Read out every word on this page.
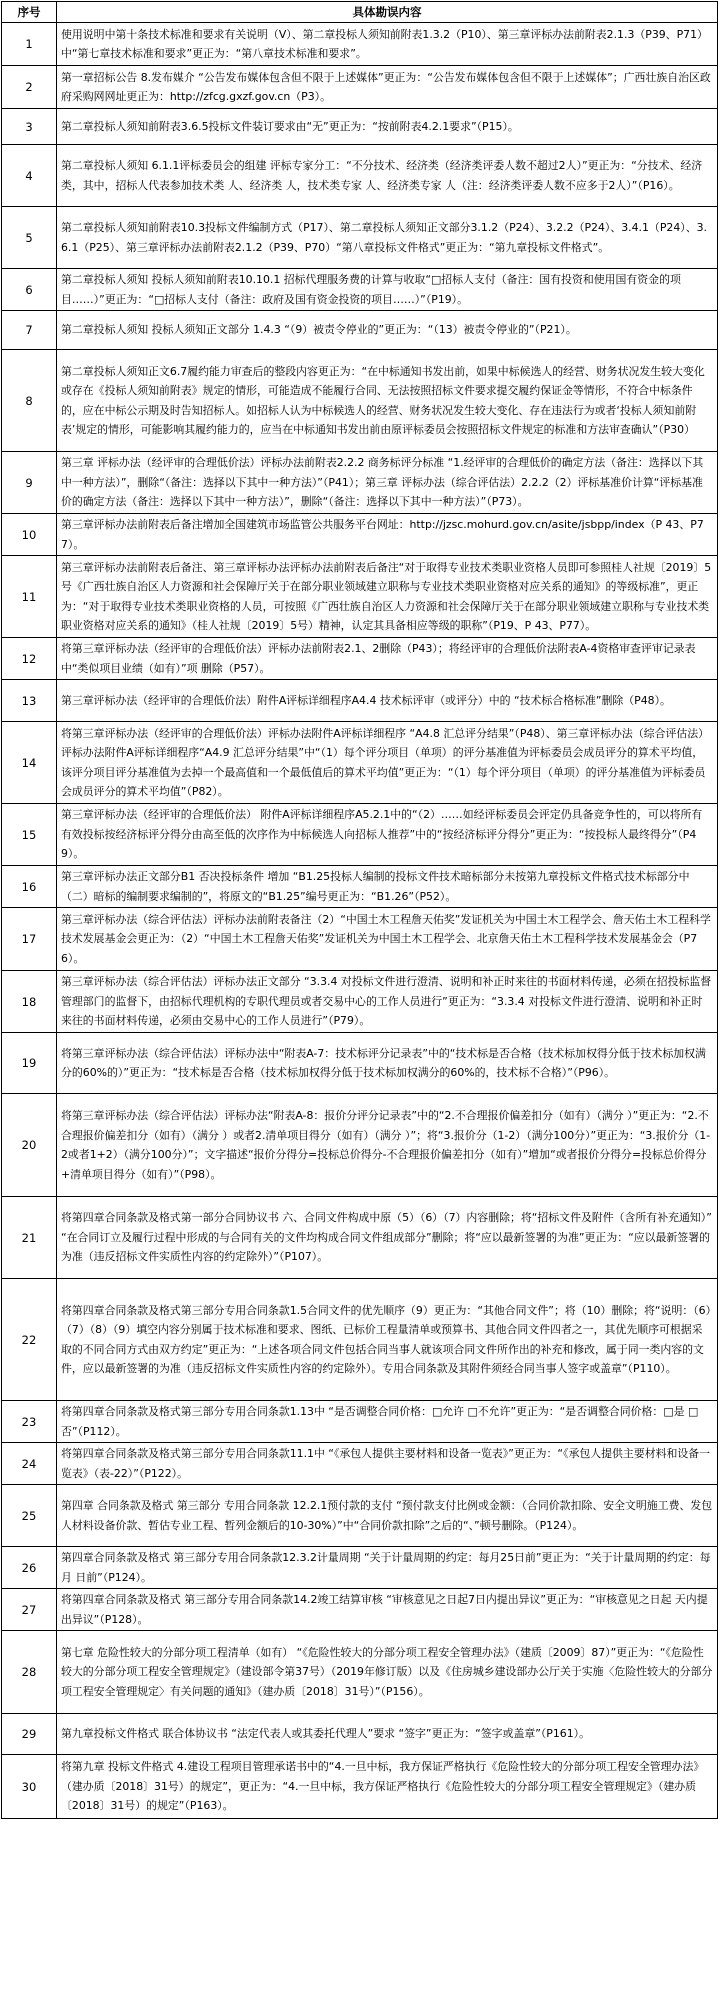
序号	具体勘误内容
1	使用说明中第十条技术标准和要求有关说明（Ⅴ）、第二章投标人须知前附表1.3.2（P10）、第三章评标办法前附表2.1.3（P39、P71）中“第七章技术标准和要求”更正为：“第八章技术标准和要求”。
2	第一章招标公告 8.发布媒介 “公告发布媒体包含但不限于上述媒体”更正为：“公告发布媒体包含但不限于上述媒体”；广西壮族自治区政府采购网网址更正为：http://zfcg.gxzf.gov.cn（P3）。
3	第二章投标人须知前附表3.6.5投标文件装订要求由“无”更正为：“按前附表4.2.1要求”（P15）。
4	第二章投标人须知 6.1.1评标委员会的组建 评标专家分工：“不分技术、经济类（经济类评委人数不超过2人）”更正为：“分技术、经济类，其中，招标人代表参加技术类 人、经济类 人，技术类专家 人、经济类专家 人（注：经济类评委人数不应多于2人）”（P16）。
5	第二章投标人须知前附表10.3投标文件编制方式（P17）、第二章投标人须知正文部分3.1.2（P24）、3.2.2（P24）、3.4.1（P24）、3.6.1（P25）、第三章评标办法前附表2.1.2（P39、P70）“第八章投标文件格式”更正为：“第九章投标文件格式”。
6	第二章投标人须知 投标人须知前附表10.10.1 招标代理服务费的计算与收取“□招标人支付（备注：国有投资和使用国有资金的项目……）”更正为：“□招标人支付（备注：政府及国有资金投资的项目……）”（P19）。
7	第二章投标人须知 投标人须知正文部分 1.4.3 “（9）被责令停业的”更正为：“（13）被责令停业的”（P21）。
8	第二章投标人须知正文6.7履约能力审查后的整段内容更正为：“在中标通知书发出前，如果中标候选人的经营、财务状况发生较大变化或存在《投标人须知前附表》规定的情形，可能造成不能履行合同、无法按照招标文件要求提交履约保证金等情形，不符合中标条件的，应在中标公示期及时告知招标人。如招标人认为中标候选人的经营、财务状况发生较大变化、存在违法行为或者‘投标人须知前附表’规定的情形，可能影响其履约能力的，应当在中标通知书发出前由原评标委员会按照招标文件规定的标准和方法审查确认”（P30）
9	第三章 评标办法（经评审的合理低价法）评标办法前附表2.2.2 商务标评分标准 “1.经评审的合理低价的确定方法（备注：选择以下其中一种方法）”，删除“（备注：选择以下其中一种方法）”（P41）；第三章 评标办法（综合评估法）2.2.2（2）评标基准价计算“评标基准价的确定方法（备注：选择以下其中一种方法）”，删除“（备注：选择以下其中一种方法）”（P73）。
10	第三章评标办法前附表后备注增加全国建筑市场监管公共服务平台网址：http://jzsc.mohurd.gov.cn/asite/jsbpp/index（P 43、P77）。
11	第三章评标办法前附表后备注、第三章评标办法评标办法前附表后备注“对于取得专业技术类职业资格人员即可参照桂人社规〔2019〕5号《广西壮族自治区人力资源和社会保障厅关于在部分职业领域建立职称与专业技术类职业资格对应关系的通知》的等级标准”，更正为：“对于取得专业技术类职业资格的人员，可按照《广西壮族自治区人力资源和社会保障厅关于在部分职业领域建立职称与专业技术类职业资格对应关系的通知》（桂人社规〔2019〕5号）精神，认定其具备相应等级的职称”（P19、P 43、P77）。
12	将第三章评标办法（经评审的合理低价法）评标办法前附表2.1、2删除（P43）；将经评审的合理低价法附表A-4资格审查评审记录表中“类似项目业绩（如有）”项 删除（P57）。
13	第三章评标办法（经评审的合理低价法）附件A评标详细程序A4.4 技术标评审（或评分）中的 “技术标合格标准”删除（P48）。
14	将第三章评标办法（经评审的合理低价法）评标办法附件A评标详细程序 “A4.8 汇总评分结果”（P48）、第三章评标办法（综合评估法）评标办法附件A评标详细程序“A4.9 汇总评分结果”中“（1）每个评分项目（单项）的评分基准值为评标委员会成员评分的算术平均值，该评分项目评分基准值为去掉一个最高值和一个最低值后的算术平均值”更正为：“（1）每个评分项目（单项）的评分基准值为评标委员会成员评分的算术平均值”（P82）。
15	第三章评标办法（经评审的合理低价法） 附件A评标详细程序A5.2.1中的“（2）……如经评标委员会评定仍具备竞争性的，可以将所有有效投标按经济标评分得分由高至低的次序作为中标候选人向招标人推荐”中的“按经济标评分得分”更正为：“按投标人最终得分”（P49）。
16	第三章评标办法正文部分B1 否决投标条件 增加 “B1.25投标人编制的投标文件技术暗标部分未按第九章投标文件格式技术标部分中（二）暗标的编制要求编制的”，将原文的“B1.25”编号更正为：“B1.26”（P52）。
17	第三章评标办法（综合评估法）评标办法前附表备注（2）“中国土木工程詹天佑奖”发证机关为中国土木工程学会、詹天佑土木工程科学技术发展基金会更正为：（2）“中国土木工程詹天佑奖”发证机关为中国土木工程学会、北京詹天佑土木工程科学技术发展基金会（P76）。
18	第三章评标办法（综合评估法）评标办法正文部分 “3.3.4 对投标文件进行澄清、说明和补正时来往的书面材料传递，必须在招投标监督管理部门的监督下，由招标代理机构的专职代理员或者交易中心的工作人员进行”更正为：“3.3.4 对投标文件进行澄清、说明和补正时来往的书面材料传递，必须由交易中心的工作人员进行”（P79）。
19	将第三章评标办法（综合评估法）评标办法中“附表A-7：技术标评分记录表”中的“技术标是否合格（技术标加权得分低于技术标加权满分的60%的）”更正为：“技术标是否合格（技术标加权得分低于技术标加权满分的60%的，技术标不合格）”（P96）。
20	将第三章评标办法（综合评估法）评标办法“附表A-8：报价分评分记录表”中的“2.不合理报价偏差扣分（如有）（满分 ）”更正为：“2.不合理报价偏差扣分（如有）（满分 ）或者2.清单项目得分（如有）（满分 ）”；将“3.报价分（1-2）（满分100分）”更正为：“3.报价分（1-2或者1+2）（满分100分）”；文字描述“报价分得分=投标总价得分-不合理报价偏差扣分（如有）”增加“或者报价分得分=投标总价得分+清单项目得分（如有）”（P98）。
21	将第四章合同条款及格式第一部分合同协议书 六、合同文件构成中原（5）（6）（7）内容删除；将“招标文件及附件（含所有补充通知）” “在合同订立及履行过程中形成的与合同有关的文件均构成合同文件组成部分”删除；将“应以最新签署的为准”更正为：“应以最新签署的为准（违反招标文件实质性内容的约定除外）”（P107）。
22	将第四章合同条款及格式第三部分专用合同条款1.5合同文件的优先顺序（9）更正为：“其他合同文件”；将（10）删除；将“说明：（6）（7）（8）（9）填空内容分别属于技术标准和要求、图纸、已标价工程量清单或预算书、其他合同文件四者之一，其优先顺序可根据采取的不同合同方式由双方约定”更正为：“上述各项合同文件包括合同当事人就该项合同文件所作出的补充和修改，属于同一类内容的文件，应以最新签署的为准（违反招标文件实质性内容的约定除外）。专用合同条款及其附件须经合同当事人签字或盖章”（P110）。
23	将第四章合同条款及格式第三部分专用合同条款1.13中 “是否调整合同价格：□允许 □不允许”更正为：“是否调整合同价格：□是 □否”（P112）。
24	将第四章合同条款及格式第三部分专用合同条款11.1中 “《承包人提供主要材料和设备一览表》”更正为：“《承包人提供主要材料和设备一览表》（表-22）”（P122）。
25	第四章 合同条款及格式 第三部分 专用合同条款 12.2.1预付款的支付 “预付款支付比例或金额：（合同价款扣除、安全文明施工费、发包人材料设备价款、暂估专业工程、暂列金额后的10-30%）”中“合同价款扣除”之后的“、”顿号删除。（P124）。
26	第四章合同条款及格式 第三部分专用合同条款12.3.2计量周期 “关于计量周期的约定：每月25日前”更正为：“关于计量周期的约定：每月 日前”（P124）。
27	将第四章合同条款及格式 第三部分专用合同条款14.2竣工结算审核 “审核意见之日起7日内提出异议”更正为：“审核意见之日起 天内提出异议”（P128）。
28	第七章 危险性较大的分部分项工程清单（如有） “《危险性较大的分部分项工程安全管理办法》（建质〔2009〕87）”更正为：“《危险性较大的分部分项工程安全管理规定》（建设部令第37号）（2019年修订版）以及《住房城乡建设部办公厅关于实施〈危险性较大的分部分项工程安全管理规定〉有关问题的通知》（建办质〔2018〕31号）”（P156）。
29	第九章投标文件格式 联合体协议书 “法定代表人或其委托代理人”要求 “签字”更正为：“签字或盖章”（P161）。
30	将第九章 投标文件格式 4.建设工程项目管理承诺书中的“4.一旦中标，我方保证严格执行《危险性较大的分部分项工程安全管理办法》（建办质〔2018〕31号）的规定”，更正为：“4.一旦中标，我方保证严格执行《危险性较大的分部分项工程安全管理规定》（建办质〔2018〕31号）的规定”（P163）。
